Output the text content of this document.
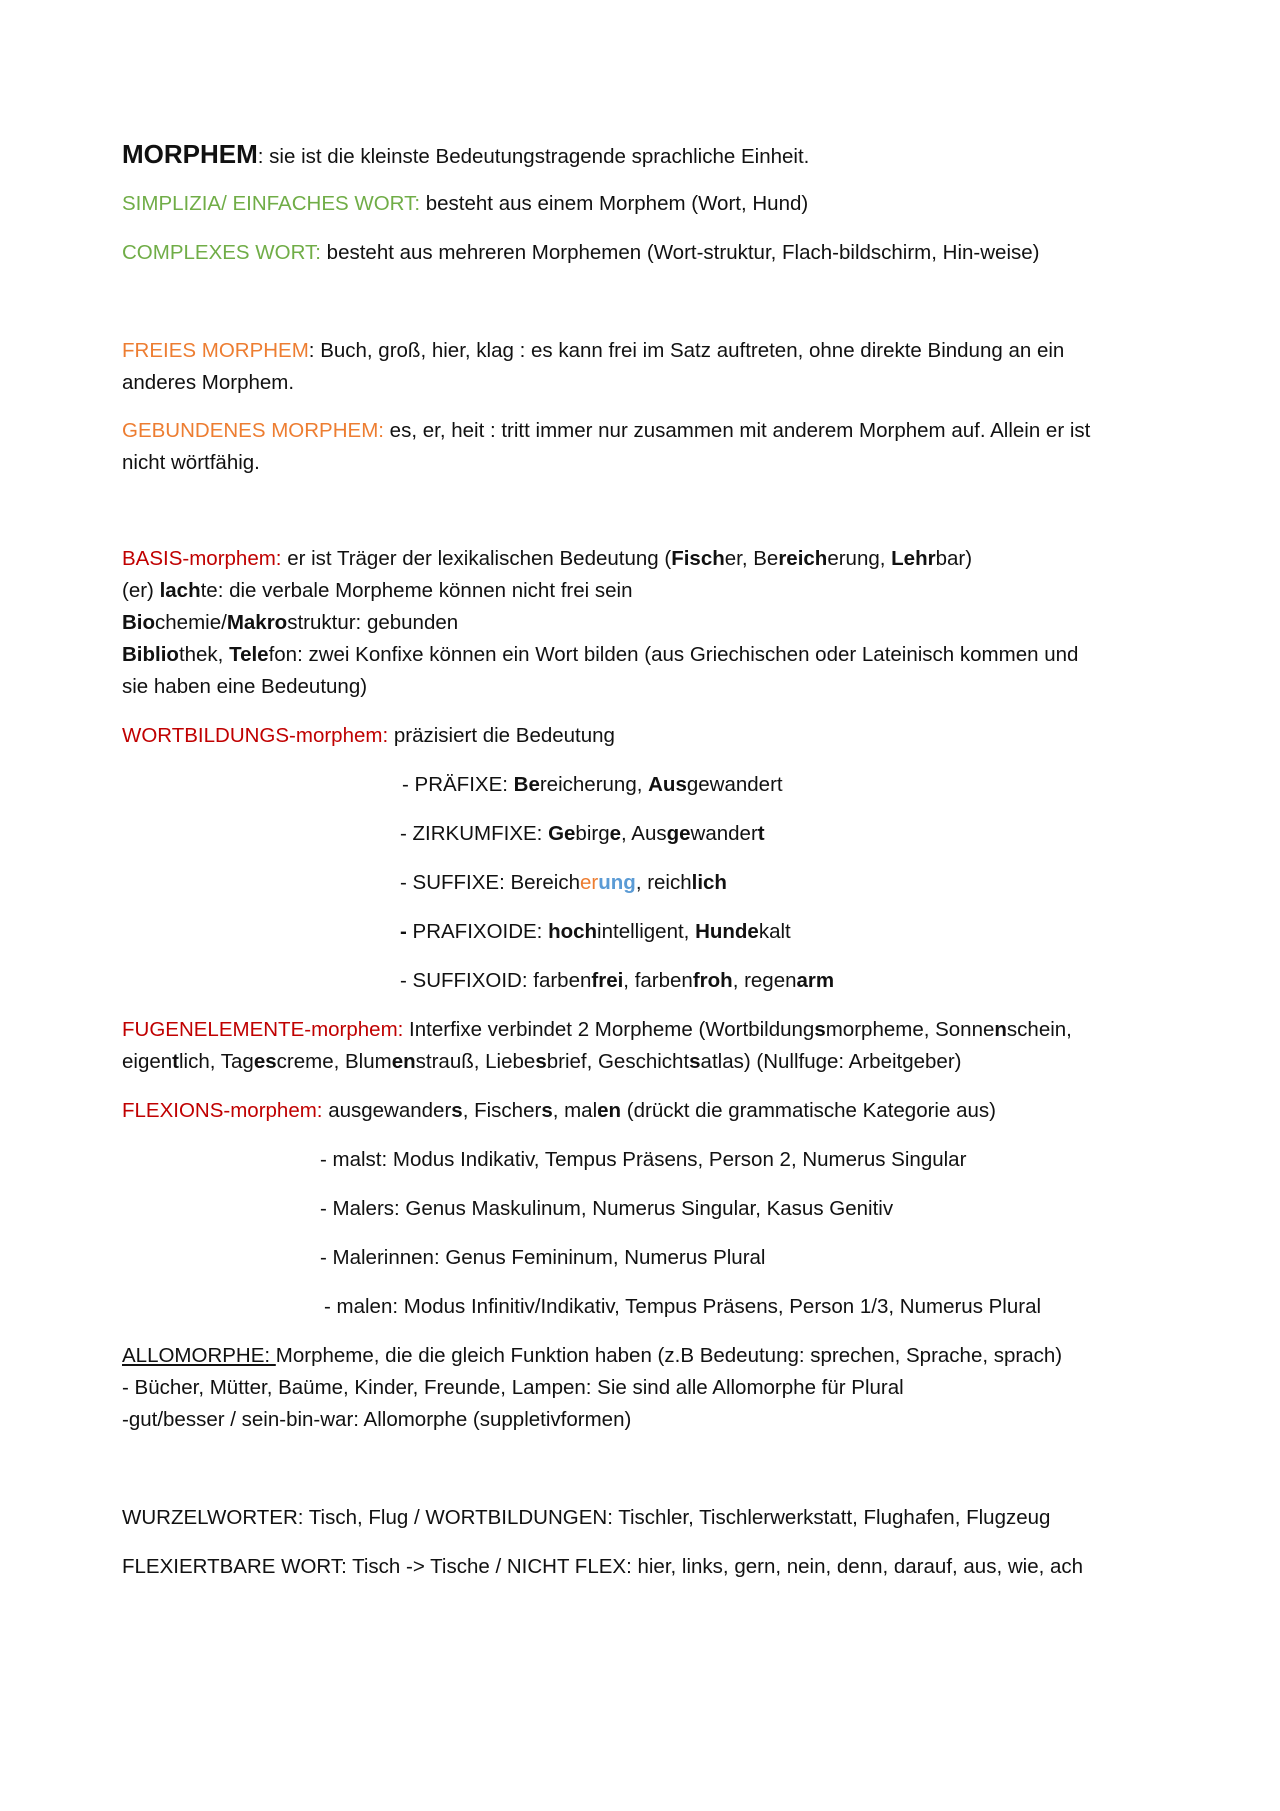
MORPHEM: sie ist die kleinste Bedeutungstragende sprachliche Einheit.
SIMPLIZIA/ EINFACHES WORT: besteht aus einem Morphem (Wort, Hund)
COMPLEXES WORT: besteht aus mehreren Morphemen (Wort-struktur, Flach-bildschirm, Hin-weise)
FREIES MORPHEM: Buch, groß, hier, klag : es kann frei im Satz auftreten, ohne direkte Bindung an ein
anderes Morphem.
GEBUNDENES MORPHEM: es, er, heit : tritt immer nur zusammen mit anderem Morphem auf. Allein er ist
nicht wörtfähig.
BASIS-morphem: er ist Träger der lexikalischen Bedeutung (Fischer, Bereicherung, Lehrbar)
(er) lachte: die verbale Morpheme können nicht frei sein
Biochemie/Makrostruktur: gebunden
Bibliothek, Telefon: zwei Konfixe können ein Wort bilden (aus Griechischen oder Lateinisch kommen und
sie haben eine Bedeutung)
WORTBILDUNGS-morphem: präzisiert die Bedeutung
- PRÄFIXE: Bereicherung, Ausgewandert
- ZIRKUMFIXE: Gebirge, Ausgewandert
- SUFFIXE: Bereicherung, reichlich
- PRAFIXOIDE: hochintelligent, Hundekalt
- SUFFIXOID: farbenfrei, farbenfroh, regenarm
FUGENELEMENTE-morphem: Interfixe verbindet 2 Morpheme (Wortbildungsmorpheme, Sonnenschein,
eigentlich, Tagescreme, Blumenstrauß, Liebesbrief, Geschichtsatlas) (Nullfuge: Arbeitgeber)
FLEXIONS-morphem: ausgewanders, Fischers, malen (drückt die grammatische Kategorie aus)
- malst: Modus Indikativ, Tempus Präsens, Person 2, Numerus Singular
- Malers: Genus Maskulinum, Numerus Singular, Kasus Genitiv
- Malerinnen: Genus Femininum, Numerus Plural
- malen: Modus Infinitiv/Indikativ, Tempus Präsens, Person 1/3, Numerus Plural
ALLOMORPHE: Morpheme, die die gleich Funktion haben (z.B Bedeutung: sprechen, Sprache, sprach)
- Bücher, Mütter, Baüme, Kinder, Freunde, Lampen: Sie sind alle Allomorphe für Plural
-gut/besser / sein-bin-war: Allomorphe (suppletivformen)
WURZELWORTER: Tisch, Flug / WORTBILDUNGEN: Tischler, Tischlerwerkstatt, Flughafen, Flugzeug
FLEXIERTBARE WORT: Tisch -> Tische / NICHT FLEX: hier, links, gern, nein, denn, darauf, aus, wie, ach
